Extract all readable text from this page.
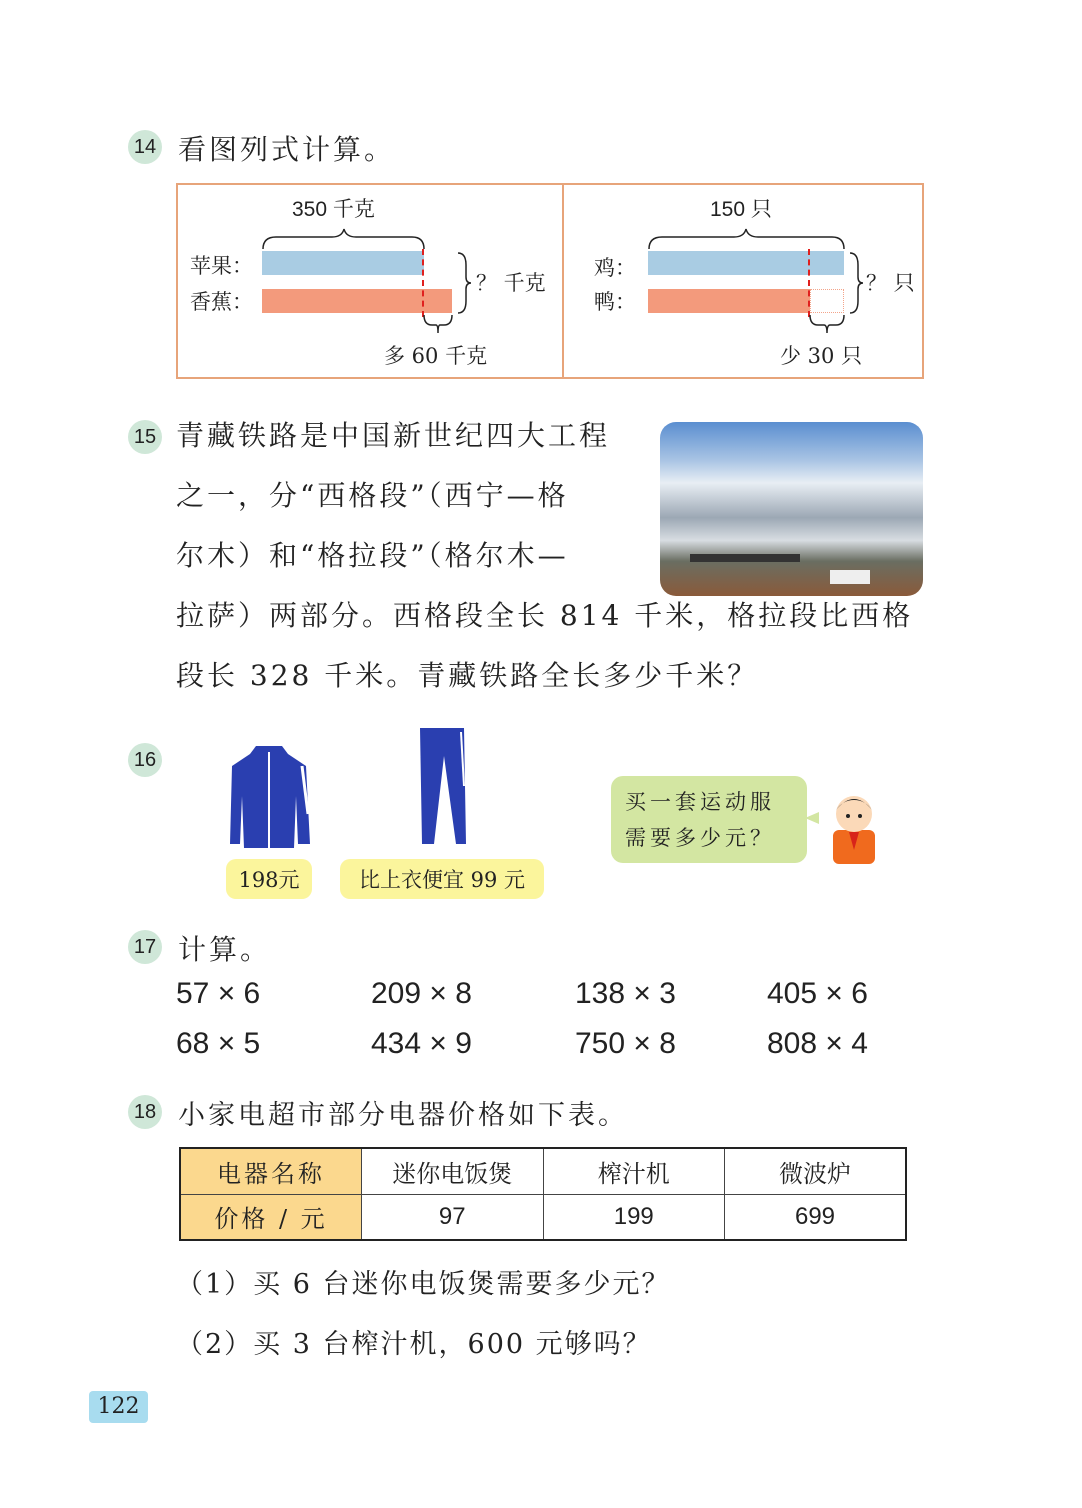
14 看图列式计算。
350 千克
苹果：
香蕉：
？ 千克
多 60 千克
150 只
鸡：
鸭：
？ 只
少 30 只
15 青藏铁路是中国新世纪四大工程
之一，分“西格段”（西宁—格
尔木）和“格拉段”（格尔木—
拉萨）两部分。西格段全长 814 千米，格拉段比西格
段长 328 千米。青藏铁路全长多少千米？
16
198元	比上衣便宜 99 元
买一套运动服
需要多少元？
17 计算。
57 × 6	209 × 8	138 × 3	405 × 6
68 × 5	434 × 9	750 × 8	808 × 4
18 小家电超市部分电器价格如下表。
电器名称	迷你电饭煲	榨汁机	微波炉
价格 / 元	97	199	699
（1）买 6 台迷你电饭煲需要多少元？
（2）买 3 台榨汁机，600 元够吗？
122
